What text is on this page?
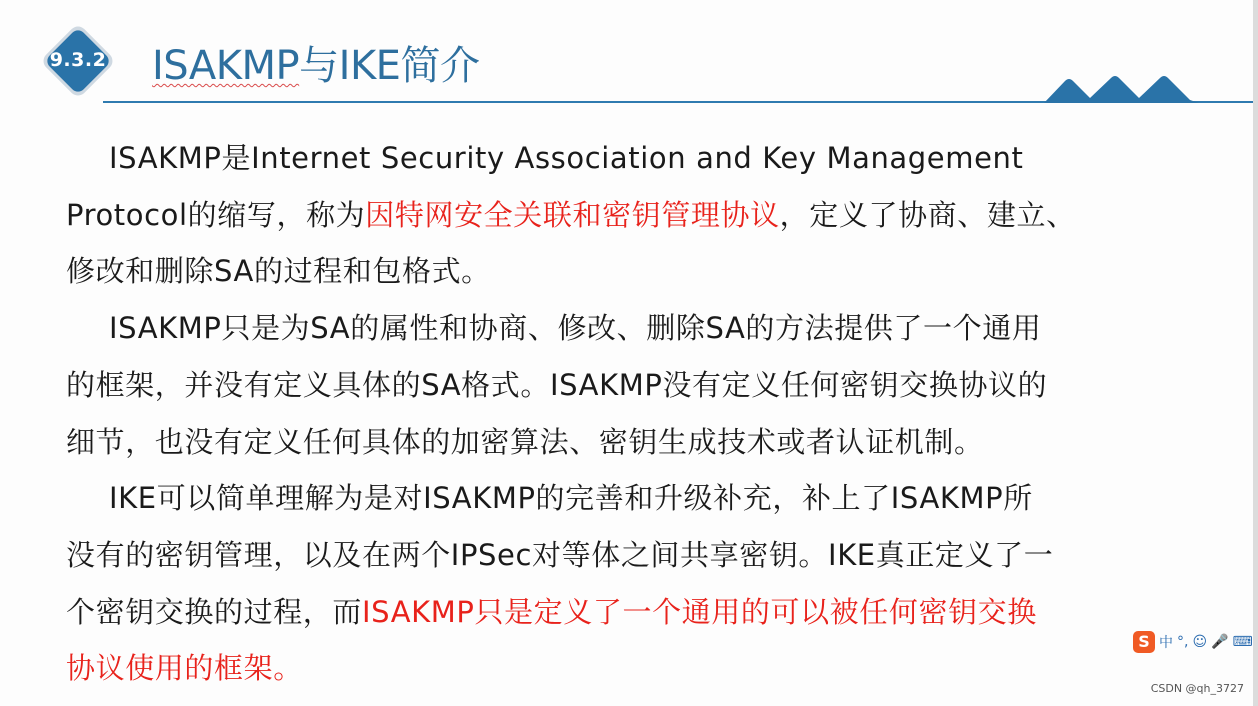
9.3.2	ISAKMP与IKE简介
ISAKMP是Internet Security Association and Key Management
Protocol的缩写，称为因特网安全关联和密钥管理协议，定义了协商、建立、
修改和删除SA的过程和包格式。
ISAKMP只是为SA的属性和协商、修改、删除SA的方法提供了一个通用
的框架，并没有定义具体的SA格式。ISAKMP没有定义任何密钥交换协议的
细节，也没有定义任何具体的加密算法、密钥生成技术或者认证机制。
IKE可以简单理解为是对ISAKMP的完善和升级补充，补上了ISAKMP所
没有的密钥管理，以及在两个IPSec对等体之间共享密钥。IKE真正定义了一
个密钥交换的过程，而ISAKMP只是定义了一个通用的可以被任何密钥交换
协议使用的框架。
S 中 °, ☺ 🎤 ⌨
CSDN @qh_3727
